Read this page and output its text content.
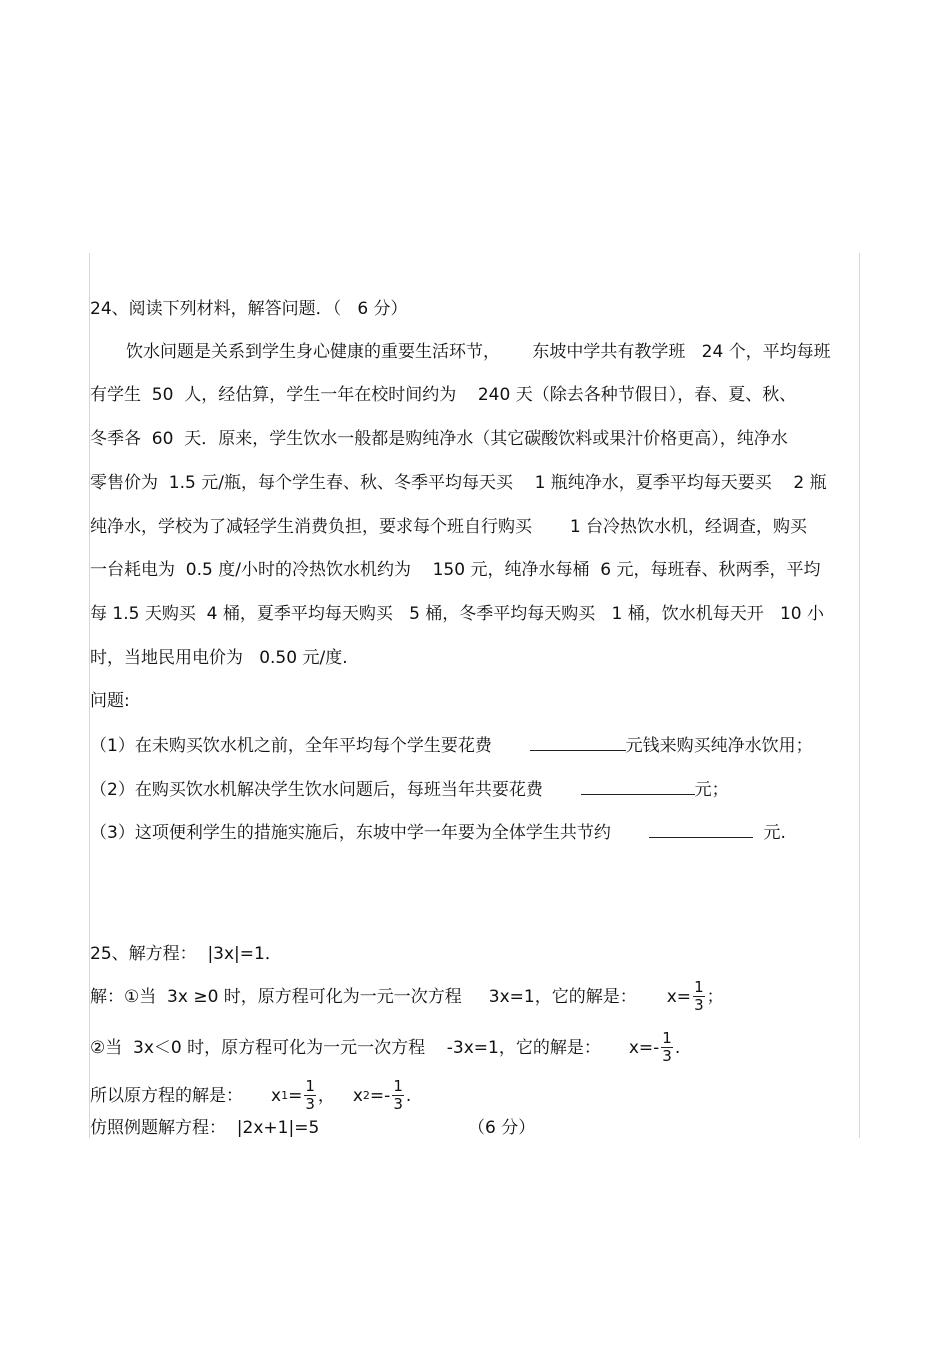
24、阅读下列材料，解答问题．（   6 分）
饮水问题是关系到学生身心健康的重要生活环节，      东坡中学共有教学班   24 个，平均每班
有学生  50  人，经估算，学生一年在校时间约为    240 天（除去各种节假日），春、夏、秋、
冬季各  60  天．原来，学生饮水一般都是购纯净水（其它碳酸饮料或果汁价格更高），纯净水
零售价为  1.5 元/瓶，每个学生春、秋、冬季平均每天买    1 瓶纯净水，夏季平均每天要买    2 瓶
纯净水，学校为了减轻学生消费负担，要求每个班自行购买       1 台冷热饮水机，经调查，购买
一台耗电为  0.5 度/小时的冷热饮水机约为    150 元，纯净水每桶  6 元，每班春、秋两季，平均
每 1.5 天购买  4 桶，夏季平均每天购买   5 桶，冬季平均每天购买   1 桶，饮水机每天开   10 小
时，当地民用电价为   0.50 元/度.
问题:
（1）在未购买饮水机之前，全年平均每个学生要花费	元钱来购买纯净水饮用；
（2）在购买饮水机解决学生饮水问题后，每班当年共要花费	元；
（3）这项便利学生的措施实施后，东坡中学一年要为全体学生共节约	元.
25、解方程：  |3x|=1．
解：①当  3x ≥0 时，原方程可化为一元一次方程     3x=1，它的解是： $x= \frac{1}{3}$ ；
②当  3x＜0 时，原方程可化为一元一次方程    -3x=1，它的解是： $x=- \frac{1}{3}$ .
所以原方程的解是： x $1 = \frac{1}{3}$ ， x $2 =- \frac{1}{3}$ .
仿照例题解方程：  |2x+1|=5	（6 分）
